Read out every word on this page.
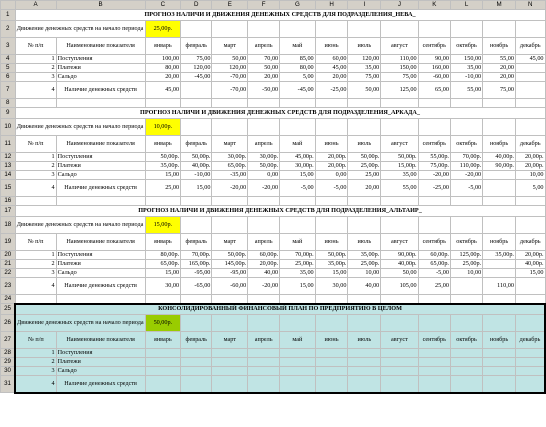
	A	B	C	D	E	F	G	H	I	J	K	L	M	N
1	ПРОГНОЗ НАЛИЧИ И ДВИЖЕНИЯ ДЕНЕЖНЫХ СРЕДСТВ ДЛЯ ПОДРАЗДЕЛЕНИЯ_НЕВА_													
2	Движение денежных средств на начало периода		25,00р.											
3	№ п/п	Наименование показателя	январь	февраль	март	апрель	май	июнь	июль	август	сентябрь	октябрь	ноябрь	декабрь
4	1	Поступления	100,00	75,00	50,00	70,00	85,00	60,00	120,00	110,00	90,00	150,00	55,00	45,00
5	2	Платежи	80,00	120,00	120,00	50,00	80,00	45,00	35,00	150,00	160,00	35,00	20,00	
6	3	Сальдо	20,00	-45,00	-70,00	20,00	5,00	20,00	75,00	75,00	-60,00	-10,00	20,00	
7	4	Наличие денежных средств	45,00		-70,00	-50,00	-45,00	-25,00	50,00	125,00	65,00	55,00	75,00	
8														
9	ПРОГНОЗ НАЛИЧИ И ДВИЖЕНИЯ ДЕНЕЖНЫХ СРЕДСТВ ДЛЯ ПОДРАЗДЕЛЕНИЯ_АРКАДА_													
10	Движение денежных средств на начало периода		10,00р.											
11	№ п/п	Наименование показателя	январь	февраль	март	апрель	май	июнь	июль	август	сентябрь	октябрь	ноябрь	декабрь
12	1	Поступления	50,00р.	50,00р.	30,00р.	30,00р.	45,00р.	20,00р.	50,00р.	50,00р.	55,00р.	70,00р.	40,00р.	20,00р.
13	2	Платежи	35,00р.	40,00р.	65,00р.	50,00р.	30,00р.	20,00р.	25,00р.	15,00р.	75,00р.	110,00р.	90,00р.	20,00р.
14	3	Сальдо	15,00	-10,00	-35,00	0,00	15,00	0,00	25,00	35,00	-20,00	-20,00		10,00
15	4	Наличие денежных средств	25,00	15,00	-20,00	-20,00	-5,00	-5,00	20,00	55,00	-25,00	-5,00		5,00
16														
17	ПРОГНОЗ НАЛИЧИ И ДВИЖЕНИЯ ДЕНЕЖНЫХ СРЕДСТВ ДЛЯ ПОДРАЗДЕЛЕНИЯ_АЛЬТАИР_													
18	Движение денежных средств на начало периода		15,00р.											
19	№ п/п	Наименование показателя	январь	февраль	март	апрель	май	июнь	июль	август	сентябрь	октябрь	ноябрь	декабрь
20	1	Поступления	80,00р.	70,00р.	50,00р.	60,00р.	70,00р.	50,00р.	35,00р.	90,00р.	60,00р.	125,00р.	35,00р.	20,00р.
21	2	Платежи	65,00р.	165,00р.	145,00р.	20,00р.	25,00р.	35,00р.	25,00р.	40,00р.	65,00р.	25,00р.		40,00р.
22	3	Сальдо	15,00	-95,00	-95,00	40,00	35,00	15,00	10,00	50,00	-5,00	10,00		15,00
23	4	Наличие денежных средств	30,00	-65,00	-60,00	-20,00	15,00	30,00	40,00	105,00	25,00		110,00	
24														
25	КОНСОЛИДИРОВАННЫЙ ФИНАНСОВЫЙ ПЛАН ПО ПРЕДПРИЯТИЮ В ЦЕЛОМ													
26	Движение денежных средств на начало периода		50,00р.											
27	№ п/п	Наименование показателя	январь	февраль	март	апрель	май	июнь	июль	август	сентябрь	октябрь	ноябрь	декабрь
28	1	Поступления												
29	2	Платежи												
30	3	Сальдо												
31	4	Наличие денежных средств												
